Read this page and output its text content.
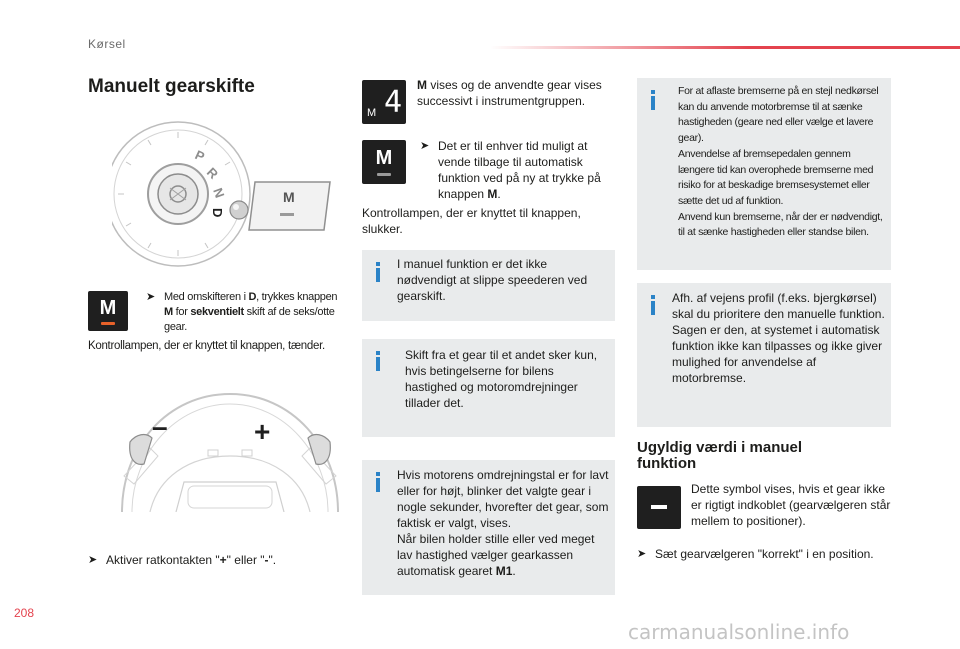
Kørsel
Manuelt gearskifte
P
R
N
D
M
M	➤ Med omskifteren i D, trykkes knappen M for sekventielt skift af de seks/otte gear.
Kontrollampen, der er knyttet til knappen, tænder.
–	+
➤ Aktiver ratkontakten "+" eller "-".
4
M
M vises og de anvendte gear vises successivt i instrumentgruppen.
M
➤ Det er til enhver tid muligt at vende tilbage til automatisk funktion ved på ny at trykke på knappen M.
Kontrollampen, der er knyttet til knappen, slukker.
I manuel funktion er det ikke nødvendigt at slippe speederen ved gearskift.
Skift fra et gear til et andet sker kun, hvis betingelserne for bilens hastighed og motoromdrejninger tillader det.
Hvis motorens omdrejningstal er for lavt eller for højt, blinker det valgte gear i nogle sekunder, hvorefter det gear, som faktisk er valgt, vises.
Når bilen holder stille eller ved meget lav hastighed vælger gearkassen automatisk gearet M1.
For at aflaste bremserne på en stejl nedkørsel kan du anvende motorbremse til at sænke hastigheden (geare ned eller vælge et lavere gear).
Anvendelse af bremsepedalen gennem længere tid kan overophede bremserne med risiko for at beskadige bremsesystemet eller sætte det ud af funktion.
Anvend kun bremserne, når der er nødvendigt, til at sænke hastigheden eller standse bilen.
Afh. af vejens profil (f.eks. bjergkørsel) skal du prioritere den manuelle funktion.
Sagen er den, at systemet i automatisk funktion ikke kan tilpasses og ikke giver mulighed for anvendelse af motorbremse.
Ugyldig værdi i manuel funktion
Dette symbol vises, hvis et gear ikke er rigtigt indkoblet (gearvælgeren står mellem to positioner).
➤ Sæt gearvælgeren "korrekt" i en position.
208
carmanualsonline.info
